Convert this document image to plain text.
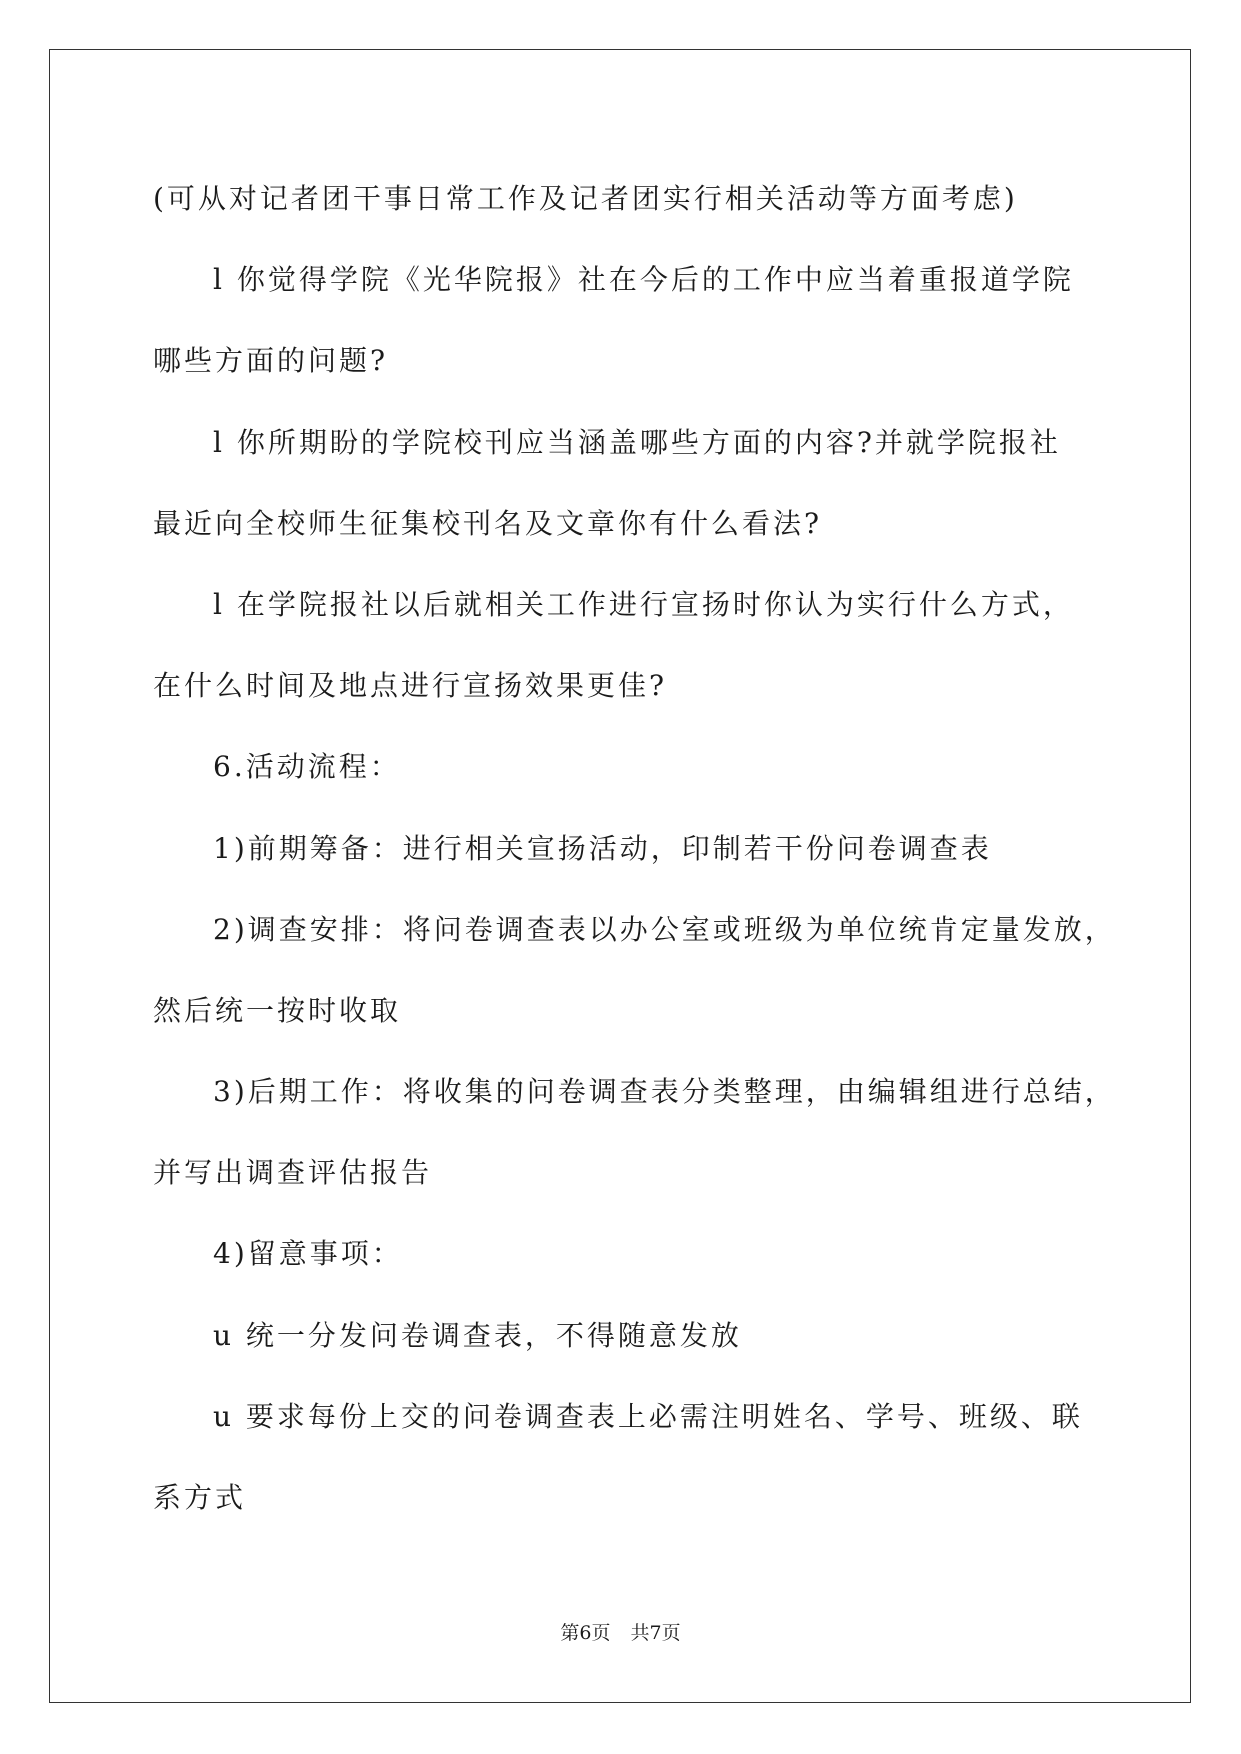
(可从对记者团干事日常工作及记者团实行相关活动等方面考虑)
l 你觉得学院《光华院报》社在今后的工作中应当着重报道学院
哪些方面的问题?
l 你所期盼的学院校刊应当涵盖哪些方面的内容?并就学院报社
最近向全校师生征集校刊名及文章你有什么看法?
l 在学院报社以后就相关工作进行宣扬时你认为实行什么方式，
在什么时间及地点进行宣扬效果更佳?
6.活动流程：
1)前期筹备：进行相关宣扬活动，印制若干份问卷调查表
2)调查安排：将问卷调查表以办公室或班级为单位统肯定量发放，
然后统一按时收取
3)后期工作：将收集的问卷调查表分类整理，由编辑组进行总结，
并写出调查评估报告
4)留意事项：
u 统一分发问卷调查表，不得随意发放
u 要求每份上交的问卷调查表上必需注明姓名、学号、班级、联
系方式
第6页 共7页
